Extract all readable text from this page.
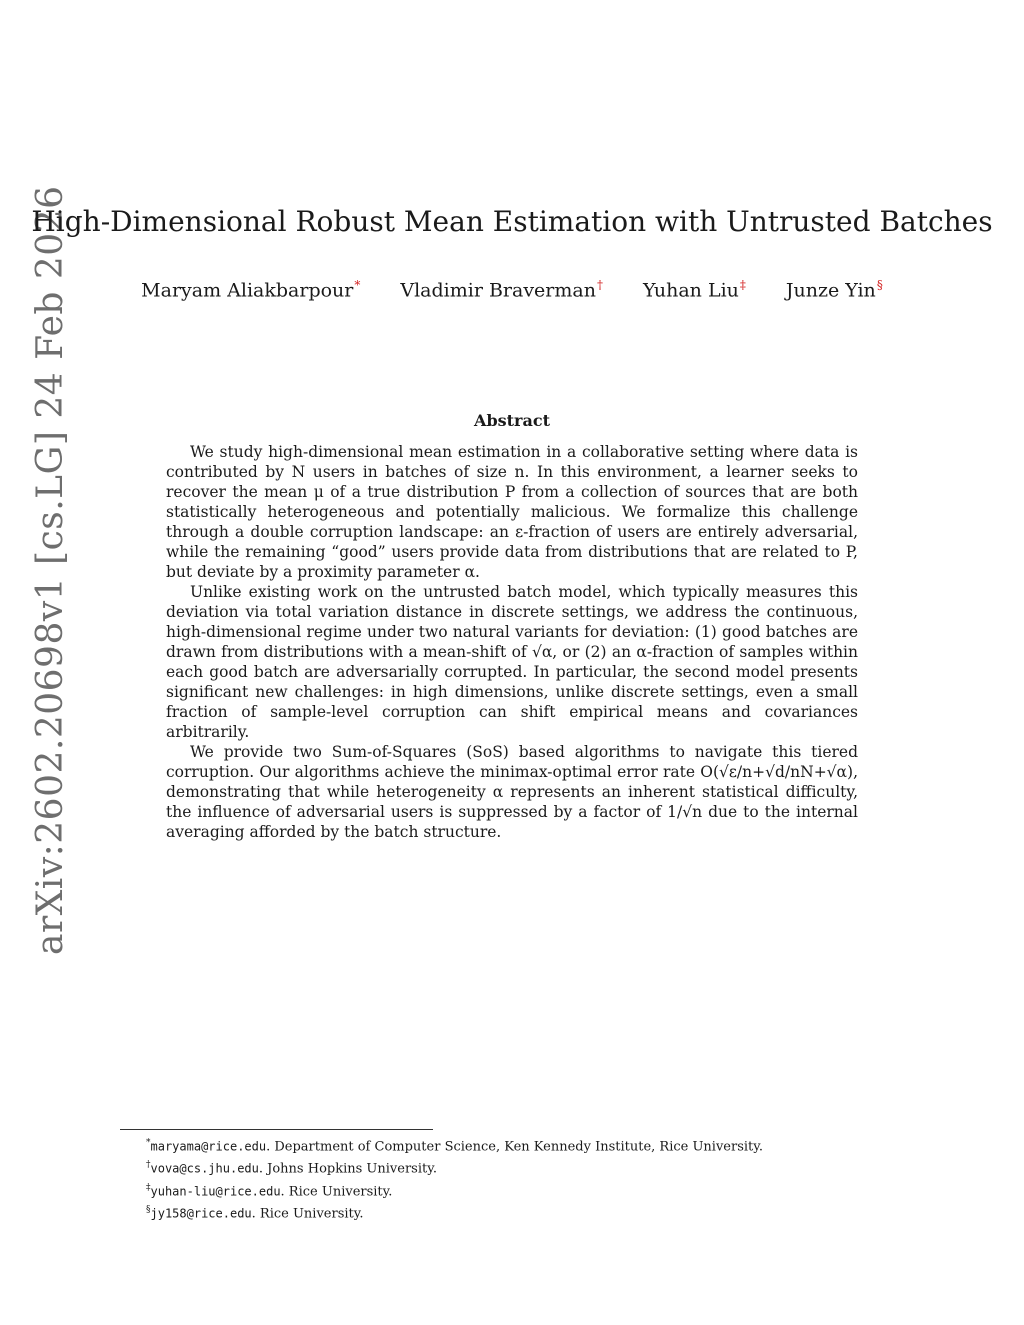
arXiv:2602.20698v1 [cs.LG] 24 Feb 2026
High-Dimensional Robust Mean Estimation with Untrusted Batches
Maryam Aliakbarpour* Vladimir Braverman† Yuhan Liu‡ Junze Yin§
Abstract

We study high-dimensional mean estimation in a collaborative setting where data is contributed by N users in batches of size n. In this environment, a learner seeks to recover the mean μ of a true distribution P from a collection of sources that are both statistically heterogeneous and potentially malicious. We formalize this challenge through a double corruption landscape: an ε-fraction of users are entirely adversarial, while the remaining “good” users provide data from distributions that are related to P, but deviate by a proximity parameter α.

Unlike existing work on the untrusted batch model, which typically measures this deviation via total variation distance in discrete settings, we address the continuous, high-dimensional regime under two natural variants for deviation: (1) good batches are drawn from distributions with a mean-shift of √α, or (2) an α-fraction of samples within each good batch are adversarially corrupted. In particular, the second model presents significant new challenges: in high dimensions, unlike discrete settings, even a small fraction of sample-level corruption can shift empirical means and covariances arbitrarily.

We provide two Sum-of-Squares (SoS) based algorithms to navigate this tiered corruption. Our algorithms achieve the minimax-optimal error rate O(√ε/n+√d/nN+√α), demonstrating that while heterogeneity α represents an inherent statistical difficulty, the influence of adversarial users is suppressed by a factor of 1/√n due to the internal averaging afforded by the batch structure.

*maryama@rice.edu. Department of Computer Science, Ken Kennedy Institute, Rice University.
†vova@cs.jhu.edu. Johns Hopkins University.
‡yuhan-liu@rice.edu. Rice University.
§jy158@rice.edu. Rice University.
